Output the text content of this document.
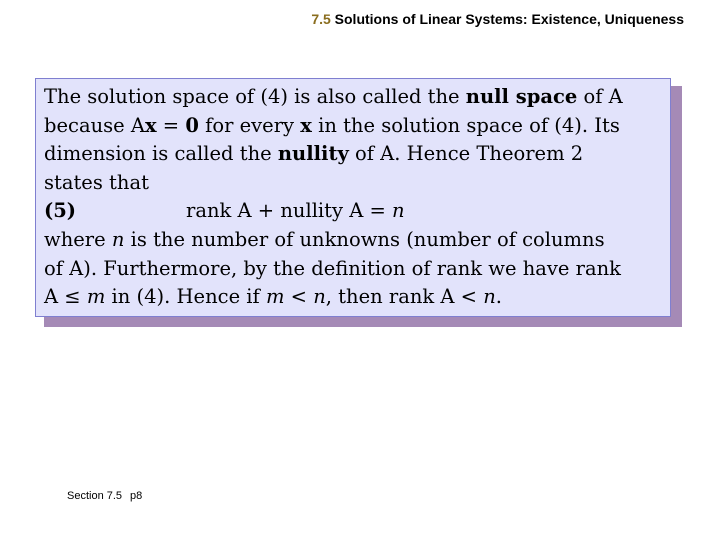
7.5 Solutions of Linear Systems: Existence, Uniqueness

The solution space of (4) is also called the null space of A

because Ax = 0 for every x in the solution space of (4). Its

dimension is called the nullity of A. Hence Theorem 2

states that

(5)	rank A + nullity A = n

where n is the number of unknowns (number of columns

of A). Furthermore, by the definition of rank we have rank

A ≤ m in (4). Hence if m < n, then rank A < n.

Section 7.5 p8
